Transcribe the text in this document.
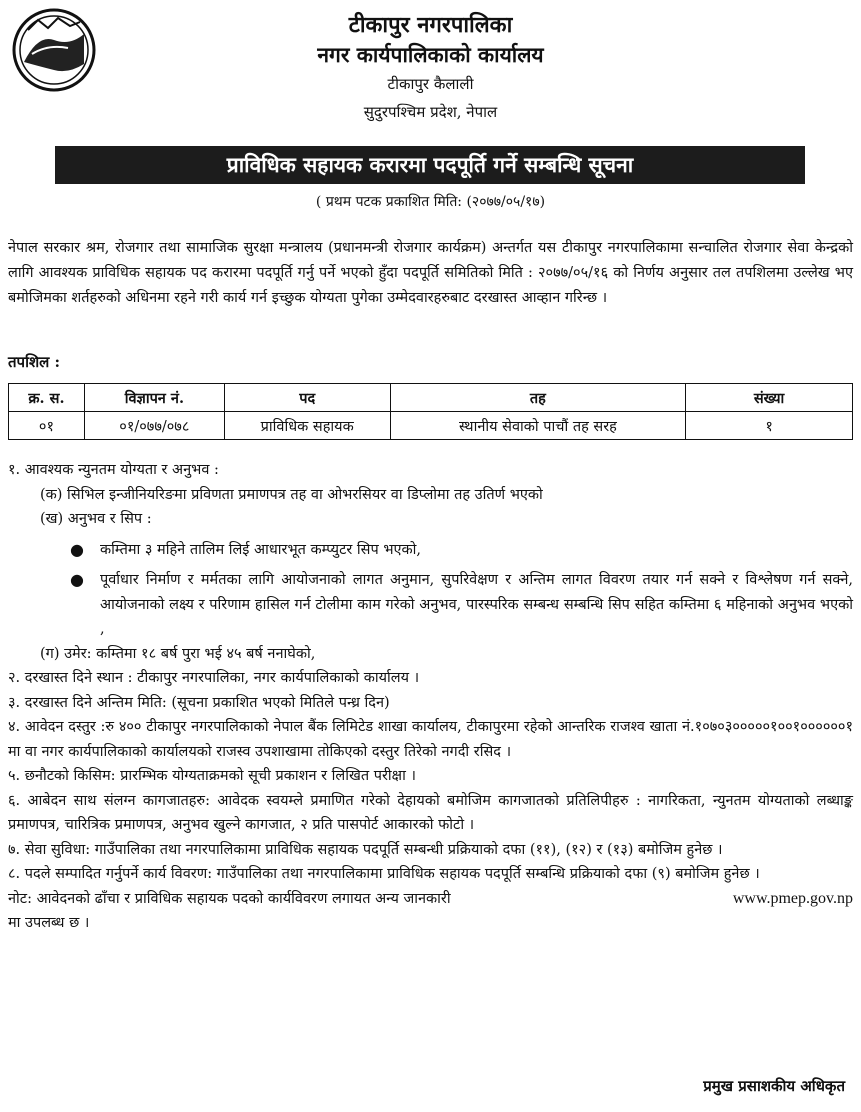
टीकापुर नगरपालिका
नगर कार्यपालिकाको कार्यालय
टीकापुर कैलाली
सुदुरपश्चिम प्रदेश, नेपाल
प्राविधिक सहायक करारमा पदपूर्ति गर्ने सम्बन्धि सूचना
( प्रथम पटक प्रकाशित मिति: (२०७७/०५/१७)

नेपाल सरकार श्रम, रोजगार तथा सामाजिक सुरक्षा मन्त्रालय (प्रधानमन्त्री रोजगार कार्यक्रम) अन्तर्गत यस टीकापुर नगरपालिकामा सन्चालित रोजगार सेवा केन्द्रको लागि आवश्यक प्राविधिक सहायक पद करारमा पदपूर्ति गर्नु पर्ने भएको हुँदा पदपूर्ति समितिको मिति : २०७७/०५/१६ को निर्णय अनुसार तल तपशिलमा उल्लेख भए बमोजिमका शर्तहरुको अधिनमा रहने गरी कार्य गर्न इच्छुक योग्यता पुगेका उम्मेदवारहरुबाट दरखास्त आव्हान गरिन्छ ।

तपशिल :
क्र. स.	विज्ञापन नं.	पद	तह	संख्या
०१	०१/०७७/०७८	प्राविधिक सहायक	स्थानीय सेवाको पाचौं तह सरह	१

१. आवश्यक न्युनतम योग्यता र अनुभव :

(क) सिभिल इन्जीनियरिङमा प्रविणता प्रमाणपत्र तह वा ओभरसियर वा डिप्लोमा तह उतिर्ण भएको

(ख) अनुभव र सिप :

●	कम्तिमा ३ महिने तालिम लिई आधारभूत कम्प्युटर सिप भएको,
●	पूर्वाधार निर्माण र मर्मतका लागि आयोजनाको लागत अनुमान, सुपरिवेक्षण र अन्तिम लागत विवरण तयार गर्न सक्ने र विश्लेषण गर्न सक्ने, आयोजनाको लक्ष्य र परिणाम हासिल गर्न टोलीमा काम गरेको अनुभव, पारस्परिक सम्बन्ध सम्बन्धि सिप सहित कम्तिमा ६ महिनाको अनुभव भएको ,

(ग) उमेर: कम्तिमा १८ बर्ष पुरा भई ४५ बर्ष ननाघेको,

२. दरखास्त दिने स्थान : टीकापुर नगरपालिका, नगर कार्यपालिकाको कार्यालय ।

३. दरखास्त दिने अन्तिम मिति: (सूचना प्रकाशित भएको मितिले पन्ध्र दिन)

४. आवेदन दस्तुर :रु ४०० टीकापुर नगरपालिकाको नेपाल बैंक लिमिटेड शाखा कार्यालय, टीकापुरमा रहेको आन्तरिक राजश्व खाता नं.१०७०३०००००१००१००००००१ मा वा नगर कार्यपालिकाको कार्यालयको राजस्व उपशाखामा तोकिएको दस्तुर तिरेको नगदी रसिद ।

५. छनौटको किसिम: प्रारम्भिक योग्यताक्रमको सूची प्रकाशन र लिखित परीक्षा ।

६. आबेदन साथ संलग्न कागजातहरु: आवेदक स्वयम्ले प्रमाणित गरेको देहायको बमोजिम कागजातको प्रतिलिपीहरु : नागरिकता, न्युनतम योग्यताको लब्धाङ्क प्रमाणपत्र, चारित्रिक प्रमाणपत्र, अनुभव खुल्ने कागजात, २ प्रति पासपोर्ट आकारको फोटो ।

७. सेवा सुविधा: गाउँपालिका तथा नगरपालिकामा प्राविधिक सहायक पदपूर्ति सम्बन्धी प्रक्रियाको दफा (११), (१२) र (१३) बमोजिम हुनेछ ।

८. पदले सम्पादित गर्नुपर्ने कार्य विवरण: गाउँपालिका तथा नगरपालिकामा प्राविधिक सहायक पदपूर्ति सम्बन्धि प्रक्रियाको दफा (९) बमोजिम हुनेछ ।

नोट: आवेदनको ढाँचा र प्राविधिक सहायक पदको कार्यविवरण लगायत अन्य जानकारी	www.pmep.gov.np

मा उपलब्ध छ ।

प्रमुख प्रसाशकीय अधिकृत
